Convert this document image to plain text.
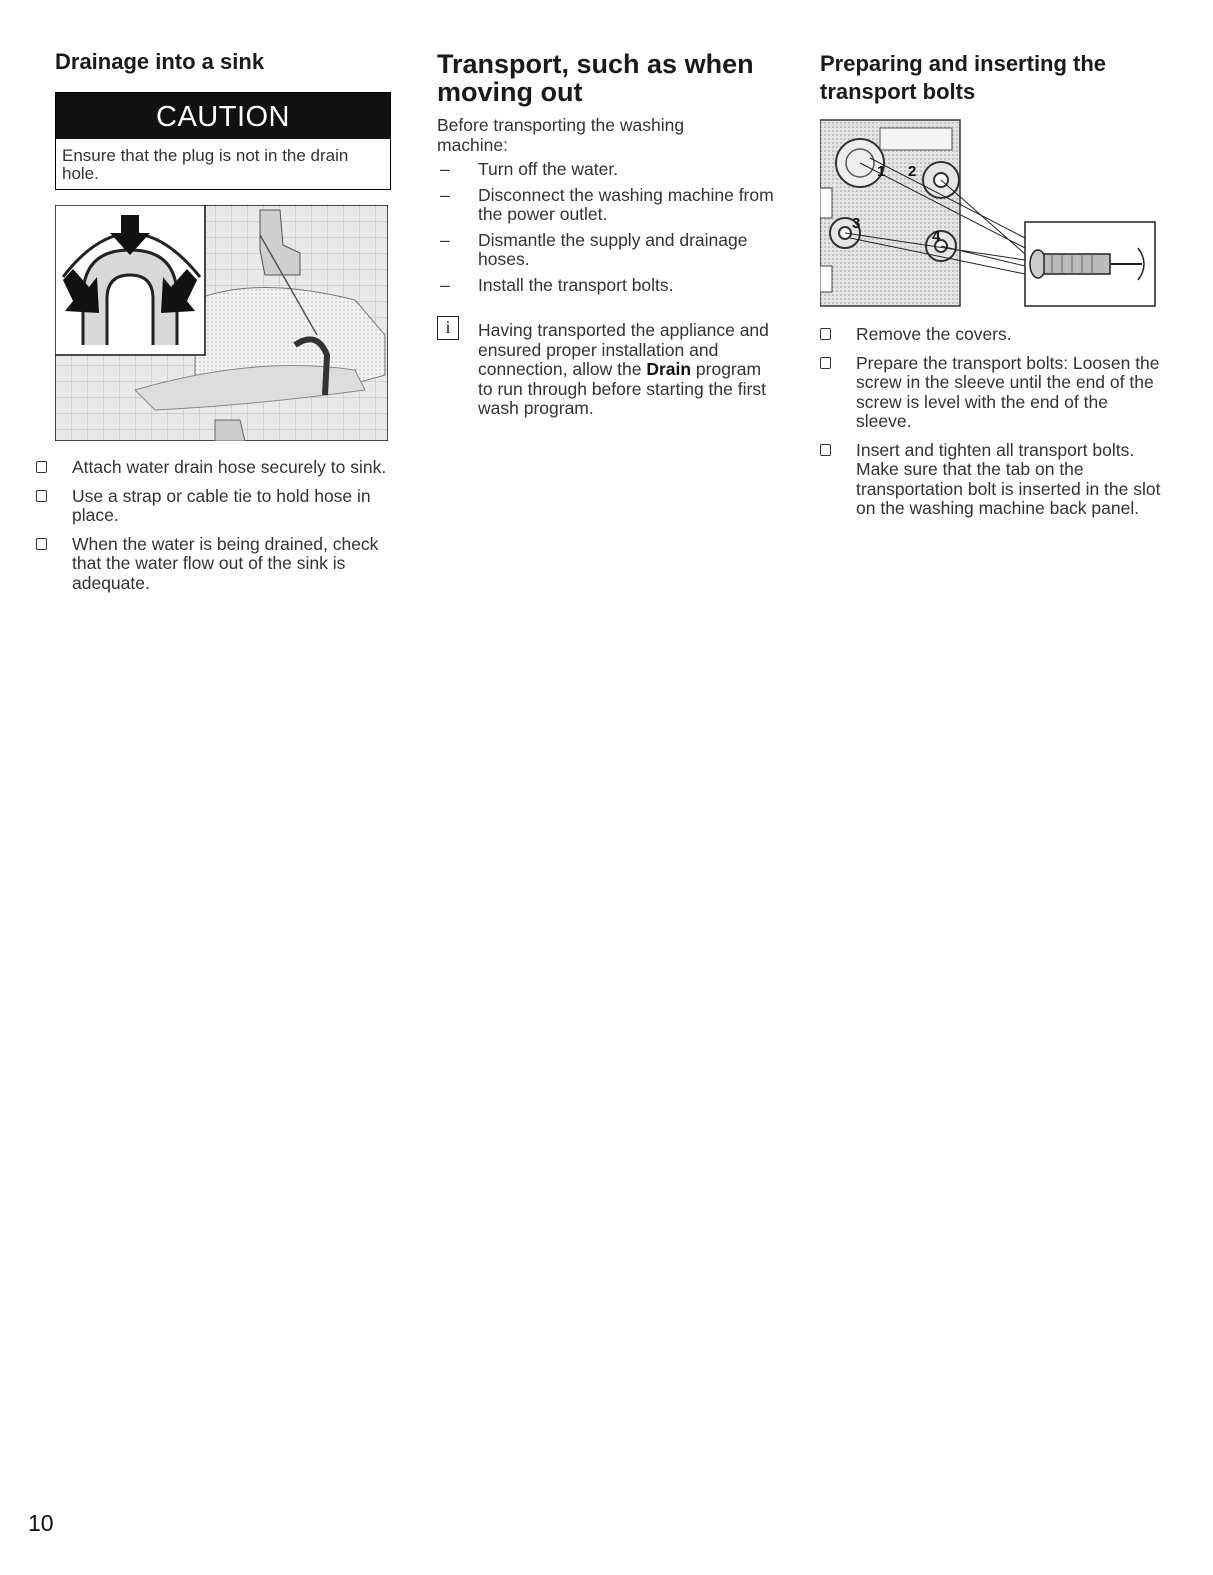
Drainage into a sink
CAUTION
Ensure that the plug is not in the drain hole.
Attach water drain hose securely to sink.
Use a strap or cable tie to hold hose in place.
When the water is being drained, check that the water flow out of the sink is adequate.
Transport, such as when moving out

Before transporting the washing machine:

– Turn off the water.
– Disconnect the washing machine from the power outlet.
– Dismantle the supply and drainage hoses.
– Install the transport bolts.
i	Having transported the appliance and ensured proper installation and connection, allow the Drain program to run through before starting the first wash program.

Preparing and inserting the transport bolts
1 2
3
4
Remove the covers.
Prepare the transport bolts: Loosen the screw in the sleeve until the end of the screw is level with the end of the sleeve.
Insert and tighten all transport bolts. Make sure that the tab on the transportation bolt is inserted in the slot on the washing machine back panel.
10
